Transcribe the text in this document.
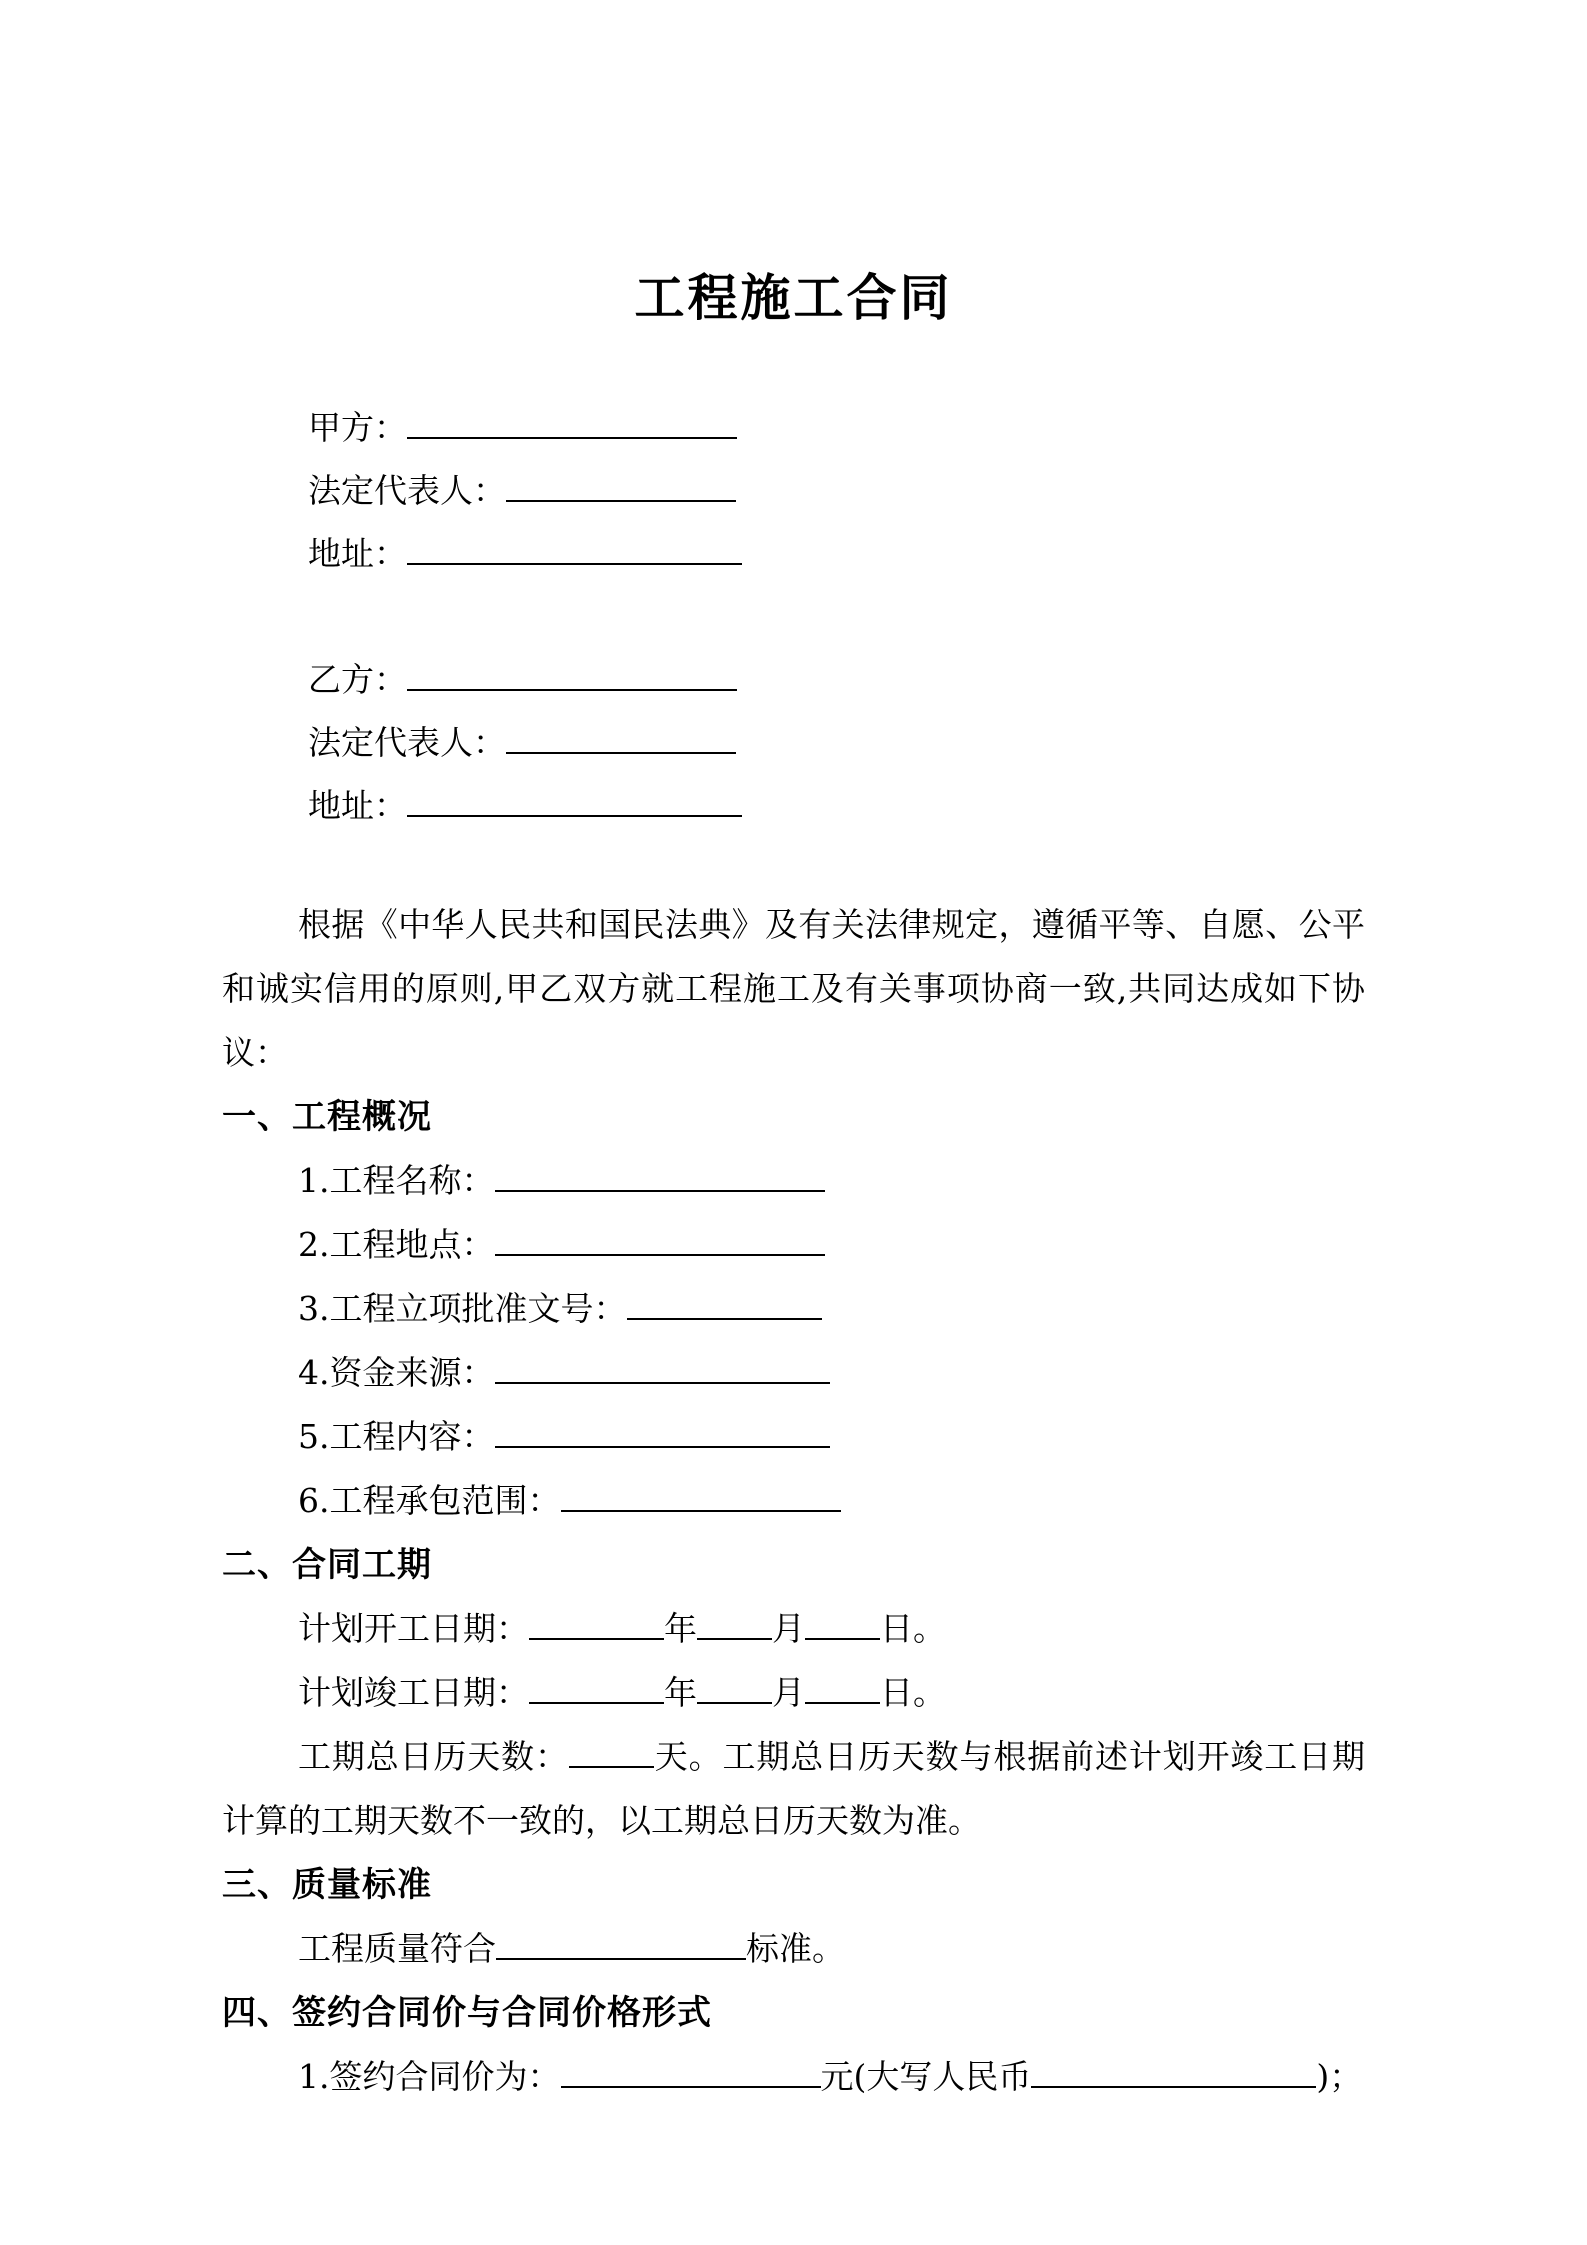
工程施工合同
甲方：
法定代表人：
地址：
乙方：
法定代表人：
地址：

根据《中华人民共和国民法典》及有关法律规定，遵循平等、自愿、公平和诚实信用的原则,甲乙双方就工程施工及有关事项协商一致,共同达成如下协议：

一、工程概况
1.工程名称：
2.工程地点：
3.工程立项批准文号：
4.资金来源：
5.工程内容：
6.工程承包范围：
二、合同工期
计划开工日期：	年 月 日。
计划竣工日期：	年 月 日。

工期总日历天数：	天。工期总日历天数与根据前述计划开竣工日期计算的工期天数不一致的，以工期总日历天数为准。

三、质量标准
工程质量符合	标准。
四、签约合同价与合同价格形式
1.签约合同价为：	元(大写人民币	)；
